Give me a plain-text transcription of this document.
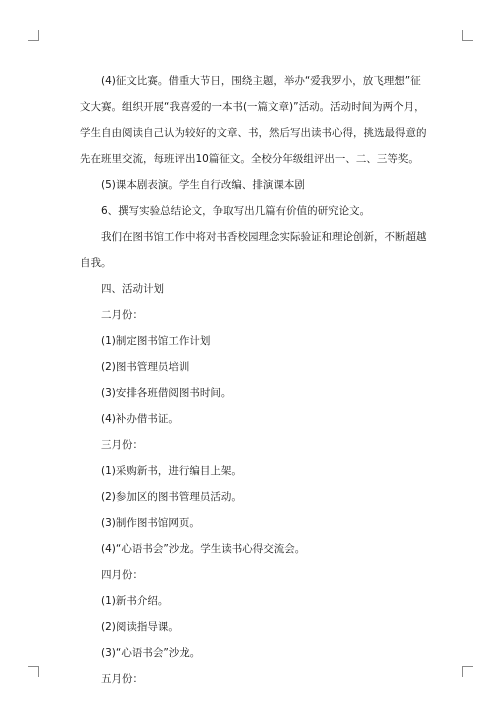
(4)征文比赛。借重大节日，围绕主题，举办“爱我罗小，放飞理想”征文大赛。组织开展“我喜爱的一本书(一篇文章)”活动。活动时间为两个月，学生自由阅读自己认为较好的文章、书，然后写出读书心得，挑选最得意的先在班里交流，每班评出10篇征文。全校分年级组评出一、二、三等奖。

(5)课本剧表演。学生自行改编、排演课本剧

6、撰写实验总结论文，争取写出几篇有价值的研究论文。

我们在图书馆工作中将对书香校园理念实际验证和理论创新，不断超越自我。

四、活动计划

二月份：

(1)制定图书馆工作计划

(2)图书管理员培训

(3)安排各班借阅图书时间。

(4)补办借书证。

三月份：

(1)采购新书，进行编目上架。

(2)参加区的图书管理员活动。

(3)制作图书馆网页。

(4)“心语书会”沙龙。学生读书心得交流会。

四月份：

(1)新书介绍。

(2)阅读指导课。

(3)“心语书会”沙龙。

五月份：
